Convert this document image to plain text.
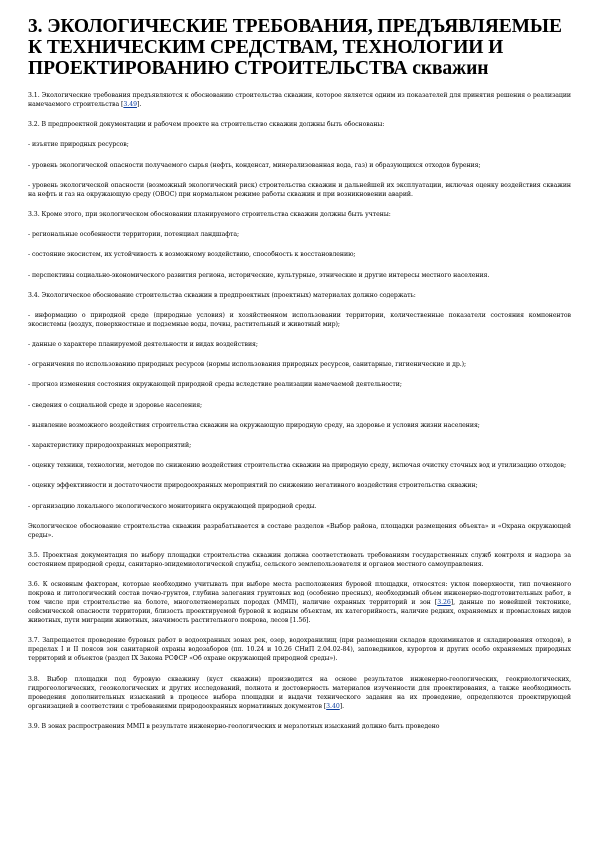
3. ЭКОЛОГИЧЕСКИЕ ТРЕБОВАНИЯ, ПРЕДЪЯВЛЯЕМЫЕ К ТЕХНИЧЕСКИМ СРЕДСТВАМ, ТЕХНОЛОГИИ И ПРОЕКТИРОВАНИЮ СТРОИТЕЛЬСТВА скважин

3.1. Экологические требования предъявляются к обоснованию строительства скважин, которое является одним из показателей для принятия решения о реализации намечаемого строительства [3.49].

3.2. В предпроектной документации и рабочем проекте на строительство скважин должны быть обоснованы:

- изъятие природных ресурсов;

- уровень экологической опасности получаемого сырья (нефть, конденсат, минерализованная вода, газ) и образующихся отходов бурения;

- уровень экологической опасности (возможный экологический риск) строительства скважин и дальнейшей их эксплуатации, включая оценку воздействия скважин на нефть и газ на окружающую среду (ОВОС) при нормальном режиме работы скважин и при возникновении аварий.

3.3. Кроме этого, при экологическом обосновании планируемого строительства скважин должны быть учтены:

- региональные особенности территории, потенциал ландшафта;

- состояние экосистем, их устойчивость к возможному воздействию, способность к восстановлению;

- перспективы социально-экономического развития региона, исторические, культурные, этнические и другие интересы местного населения.

3.4. Экологическое обоснование строительства скважин в предпроектных (проектных) материалах должно содержать:

- информацию о природной среде (природные условия) и хозяйственном использовании территории, количественные показатели состояния компонентов экосистемы (воздух, поверхностные и подземные воды, почвы, растительный и животный мир);

- данные о характере планируемой деятельности и видах воздействия;

- ограничения по использованию природных ресурсов (нормы использования природных ресурсов, санитарные, гигиенические и др.);

- прогноз изменения состояния окружающей природной среды вследствие реализации намечаемой деятельности;

- сведения о социальной среде и здоровье населения;

- выявление возможного воздействия строительства скважин на окружающую природную среду, на здоровье и условия жизни населения;

- характеристику природоохранных мероприятий;

- оценку техники, технологии, методов по снижению воздействия строительства скважин на природную среду, включая очистку сточных вод и утилизацию отходов;

- оценку эффективности и достаточности природоохранных мероприятий по снижению негативного воздействия строительства скважин;

- организацию локального экологического мониторинга окружающей природной среды.

Экологическое обоснование строительства скважин разрабатывается в составе разделов «Выбор района, площадки размещения объекта» и «Охрана окружающей среды».

3.5. Проектная документация по выбору площадки строительства скважин должна соответствовать требованиям государственных служб контроля и надзора за состоянием природной среды, санитарно-эпидемиологической службы, сельского землепользователя и органов местного самоуправления.

3.6. К основным факторам, которые необходимо учитывать при выборе места расположения буровой площадки, относятся: уклон поверхности, тип почвенного покрова и литологический состав почво-грунтов, глубина залегания грунтовых вод (особенно пресных), необходимый объем инженерно-подготовительных работ, в том числе при строительстве на болоте, многолетнемерзлых породах (ММП), наличие охранных территорий и зон [3.26], данные по новейшей тектонике, сейсмической опасности территории, близость проектируемой буровой к водным объектам, их категорийность, наличие редких, охраняемых и промысловых видов животных, пути миграции животных, значимость растительного покрова, лесов [1.56].

3.7. Запрещается проведение буровых работ в водоохранных зонах рек, озер, водохранилищ (при размещении складов ядохимикатов и складирования отходов), в пределах I и II поясов зон санитарной охраны водозаборов (пп. 10.24 и 10.26 СНиП 2.04.02-84), заповедников, курортов и других особо охраняемых природных территорий и объектов (раздел IX Закона РСФСР «Об охране окружающей природной среды»).

3.8. Выбор площадки под буровую скважину (куст скважин) производится на основе результатов инженерно-геологических, геокриологических, гидрогеологических, геоэкологических и других исследований, полнота и достоверность материалов изученности для проектирования, а также необходимость проведения дополнительных изысканий в процессе выбора площадки и выдачи технического задания на их проведение, определяются проектирующей организацией в соответствии с требованиями природоохранных нормативных документов [3.40].

3.9. В зонах распространения ММП в результате инженерно-геологических и мерзлотных изысканий должно быть проведено
